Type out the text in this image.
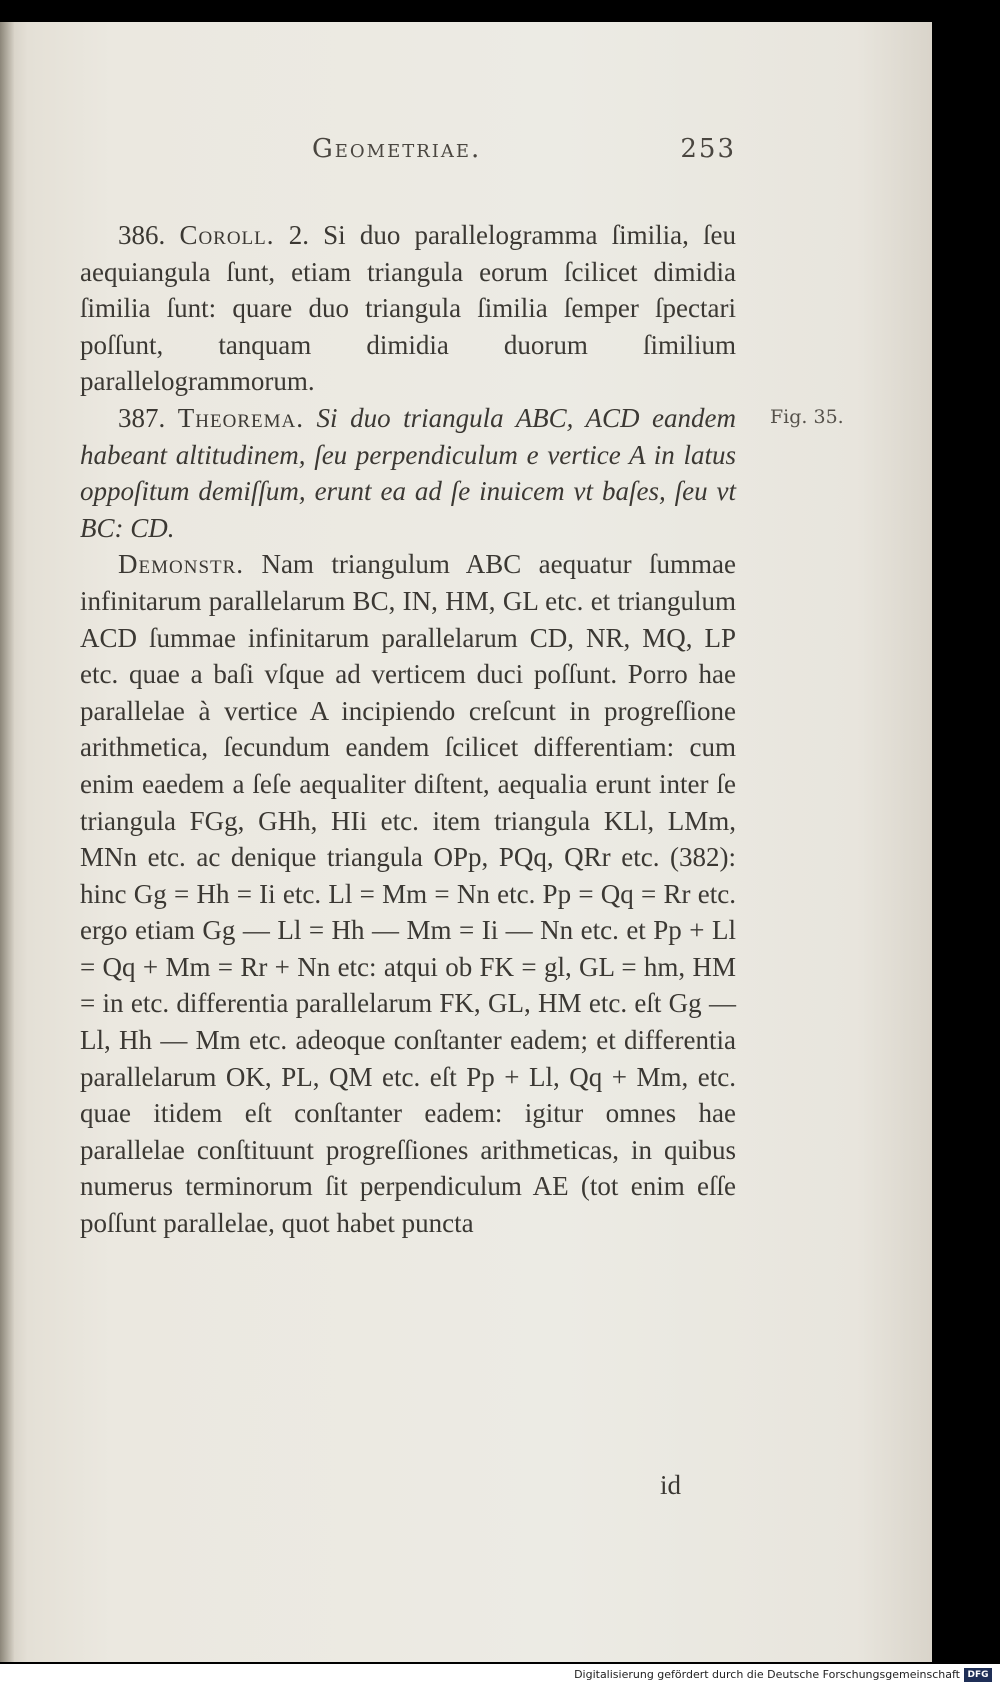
Geometriae.	253
Fig. 35.

386. Coroll. 2. Si duo parallelogramma ſimilia, ſeu aequiangula ſunt, etiam triangula eorum ſcilicet dimidia ſimilia ſunt: quare duo triangula ſimilia ſemper ſpectari poſſunt, tanquam dimidia duorum ſimilium parallelogrammorum.

387. Theorema. Si duo triangula ABC, ACD eandem habeant altitudinem, ſeu perpendiculum e vertice A in latus oppoſitum demiſſum, erunt ea ad ſe inuicem vt baſes, ſeu vt BC: CD.

Demonstr. Nam triangulum ABC aequatur ſummae infinitarum parallelarum BC, IN, HM, GL etc. et triangulum ACD ſummae infinitarum parallelarum CD, NR, MQ, LP etc. quae a baſi vſque ad verticem duci poſſunt. Porro hae parallelae à vertice A incipiendo creſcunt in progreſſione arithmetica, ſecundum eandem ſcilicet differentiam: cum enim eaedem a ſeſe aequaliter diſtent, aequalia erunt inter ſe triangula FGg, GHh, HIi etc. item triangula KLl, LMm, MNn etc. ac denique triangula OPp, PQq, QRr etc. (382): hinc Gg = Hh = Ii etc. Ll = Mm = Nn etc. Pp = Qq = Rr etc. ergo etiam Gg — Ll = Hh — Mm = Ii — Nn etc. et Pp + Ll = Qq + Mm = Rr + Nn etc: atqui ob FK = gl, GL = hm, HM = in etc. differentia parallelarum FK, GL, HM etc. eſt Gg — Ll, Hh — Mm etc. adeoque conſtanter eadem; et differentia parallelarum OK, PL, QM etc. eſt Pp + Ll, Qq + Mm, etc. quae itidem eſt conſtanter eadem: igitur omnes hae parallelae conſtituunt progreſſiones arithmeticas, in quibus numerus terminorum ſit perpendiculum AE (tot enim eſſe poſſunt parallelae, quot habet puncta

id
Digitalisierung gefördert durch die Deutsche Forschungsgemeinschaft DFG
